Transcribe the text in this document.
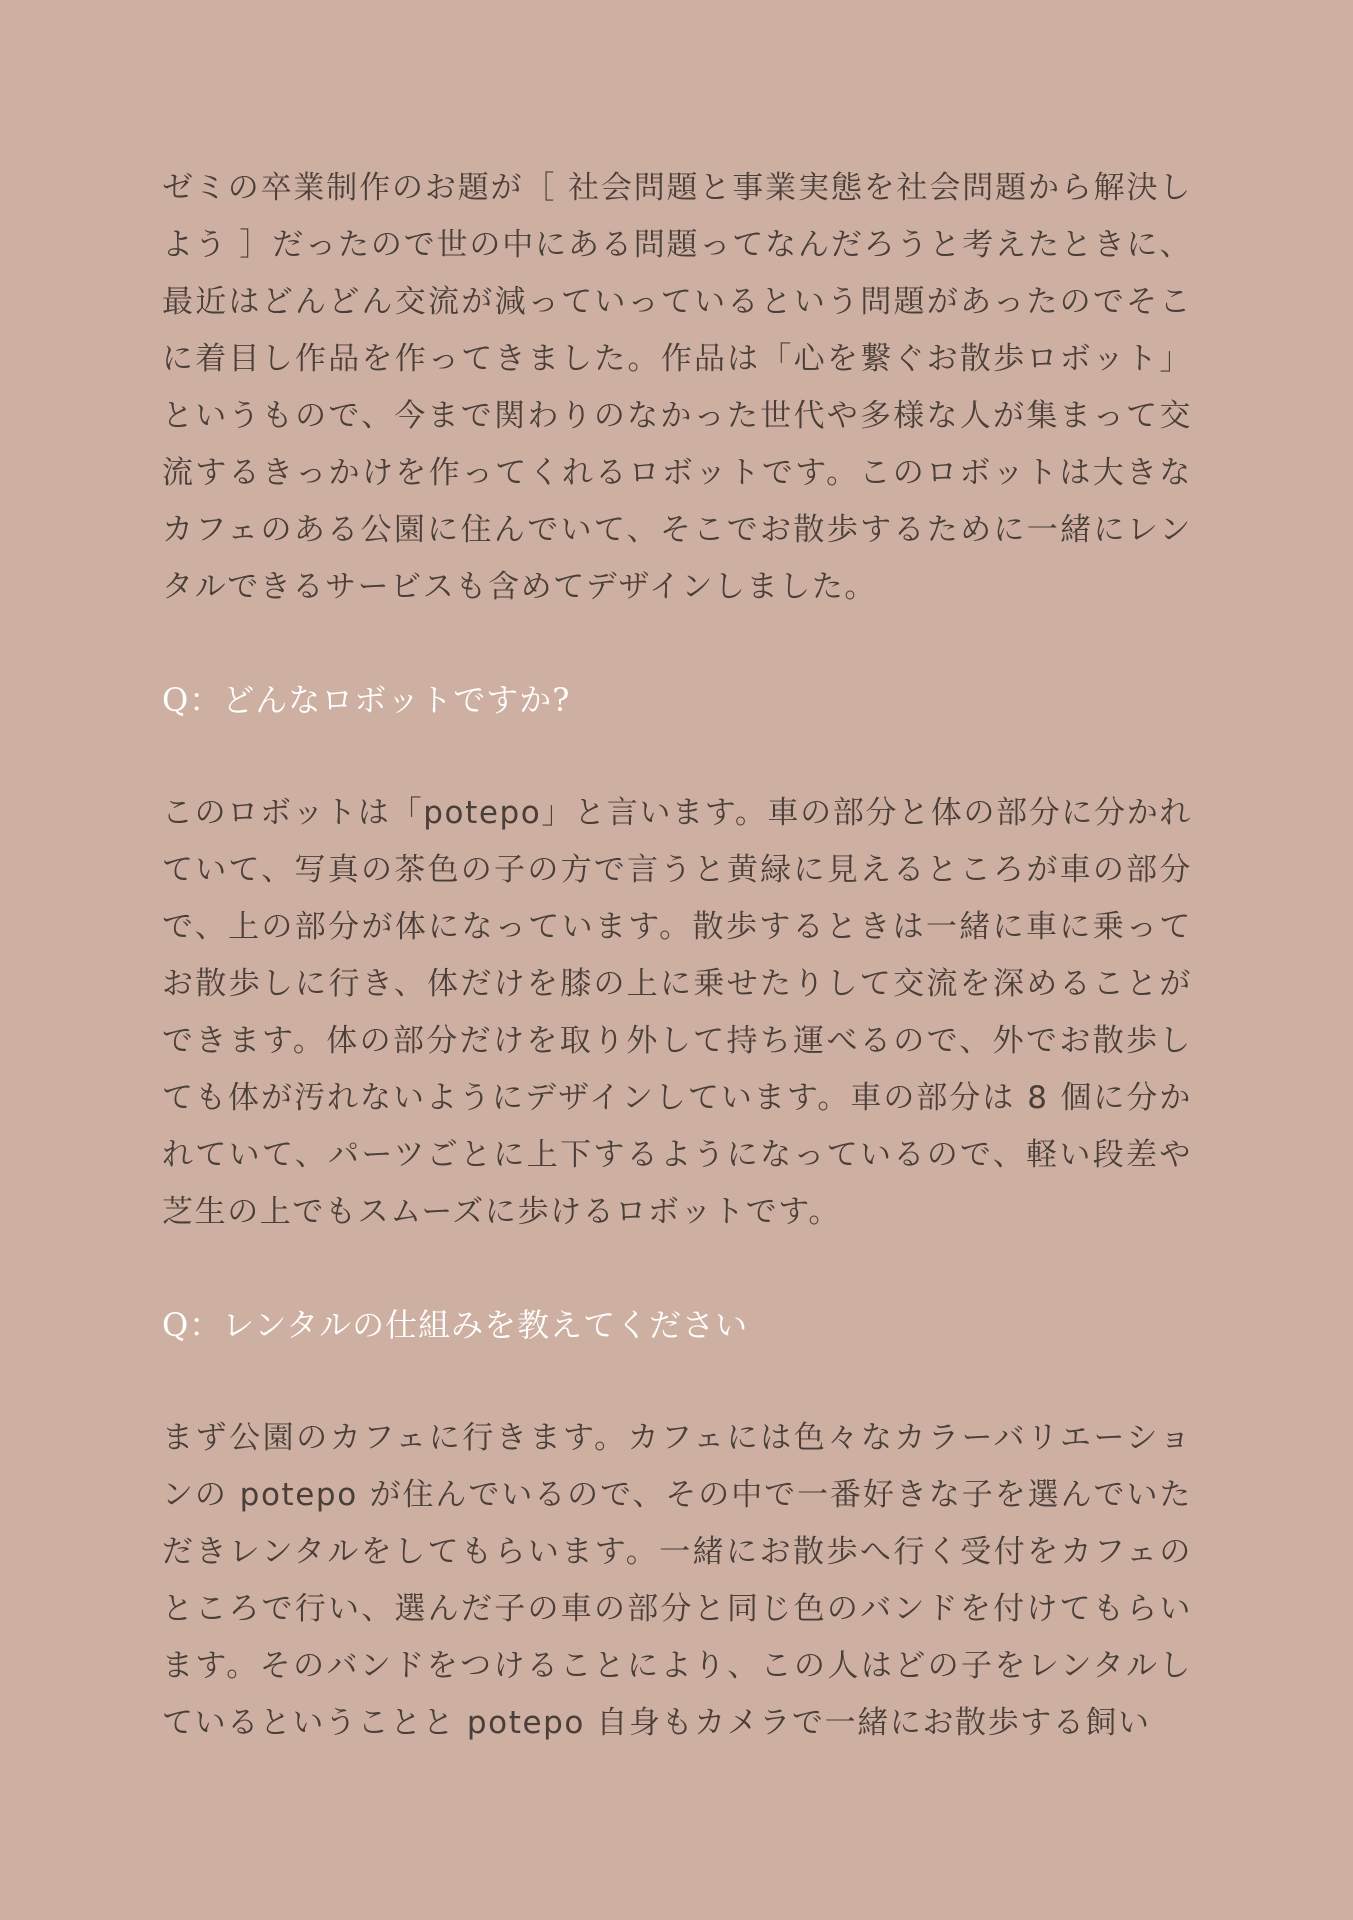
ゼミの卒業制作のお題が［ 社会問題と事業実態を社会問題から解決しよう ］だったので世の中にある問題ってなんだろうと考えたときに、最近はどんどん交流が減っていっているという問題があったのでそこに着目し作品を作ってきました。作品は「心を繋ぐお散歩ロボット」というもので、今まで関わりのなかった世代や多様な人が集まって交流するきっかけを作ってくれるロボットです。このロボットは大きなカフェのある公園に住んでいて、そこでお散歩するために一緒にレンタルできるサービスも含めてデザインしました。

Q：どんなロボットですか?

このロボットは「potepo」と言います。車の部分と体の部分に分かれていて、写真の茶色の子の方で言うと黄緑に見えるところが車の部分で、上の部分が体になっています。散歩するときは一緒に車に乗ってお散歩しに行き、体だけを膝の上に乗せたりして交流を深めることができます。体の部分だけを取り外して持ち運べるので、外でお散歩しても体が汚れないようにデザインしています。車の部分は 8 個に分かれていて、パーツごとに上下するようになっているので、軽い段差や芝生の上でもスムーズに歩けるロボットです。

Q：レンタルの仕組みを教えてください

まず公園のカフェに行きます。カフェには色々なカラーバリエーションの potepo が住んでいるので、その中で一番好きな子を選んでいただきレンタルをしてもらいます。一緒にお散歩へ行く受付をカフェのところで行い、選んだ子の車の部分と同じ色のバンドを付けてもらいます。そのバンドをつけることにより、この人はどの子をレンタルしているということと potepo 自身もカメラで一緒にお散歩する飼い
